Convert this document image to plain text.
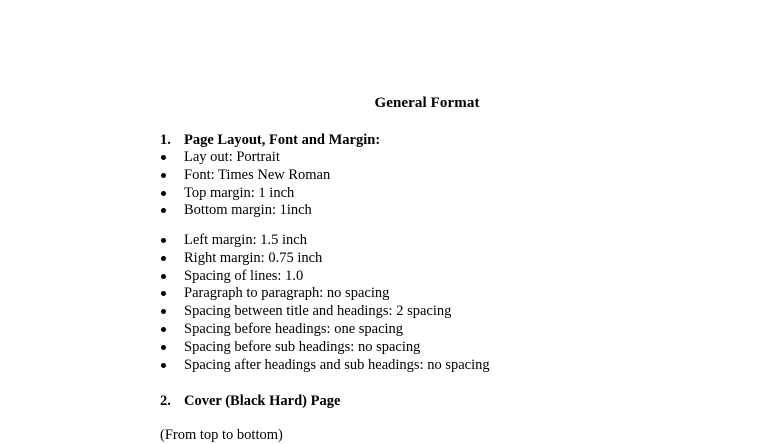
General Format
1. Page Layout, Font and Margin:
Lay out: Portrait
Font: Times New Roman
Top margin: 1 inch
Bottom margin: 1inch
Left margin: 1.5 inch
Right margin: 0.75 inch
Spacing of lines: 1.0
Paragraph to paragraph: no spacing
Spacing between title and headings: 2 spacing
Spacing before headings: one spacing
Spacing before sub headings: no spacing
Spacing after headings and sub headings: no spacing
2. Cover (Black Hard) Page
(From top to bottom)
